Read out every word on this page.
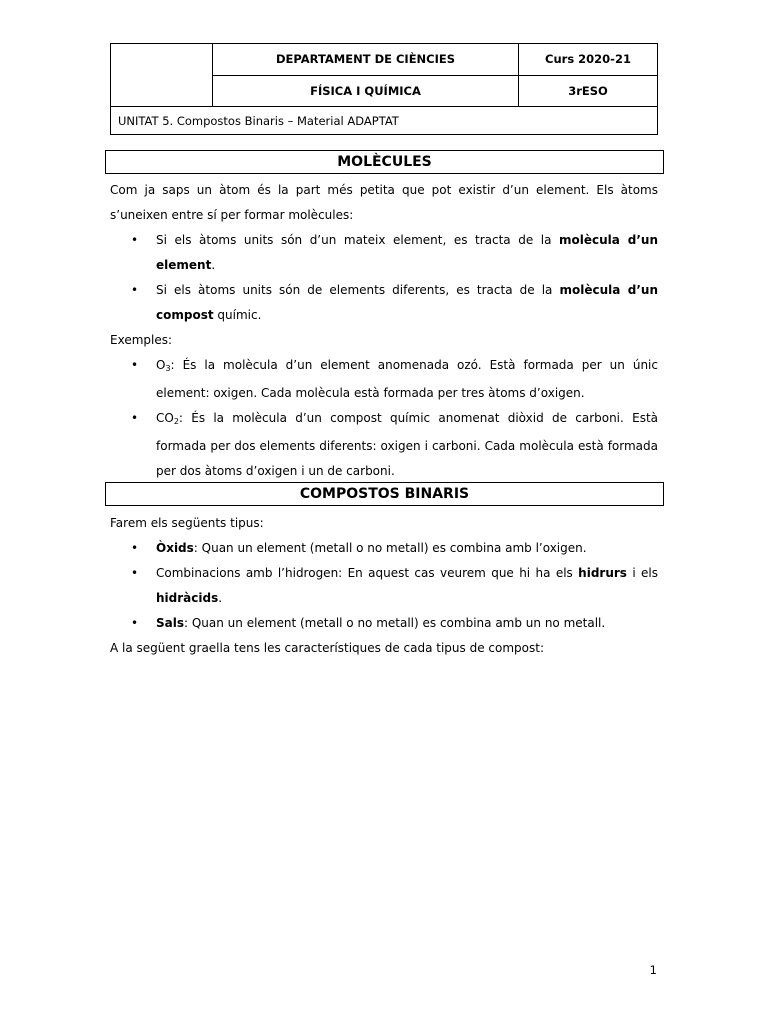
	DEPARTAMENT DE CIÈNCIES	Curs 2020-21
	FÍSICA I QUÍMICA	3rESO
UNITAT 5. Compostos Binaris – Material ADAPTAT		
MOLÈCULES

Com ja saps un àtom és la part més petita que pot existir d’un element. Els àtoms s’uneixen entre sí per formar molècules:

• Si els àtoms units són d’un mateix element, es tracta de la molècula d’un element.
• Si els àtoms units són de elements diferents, es tracta de la molècula d’un compost químic.

Exemples:

• $O_3$: És la molècula d’un element anomenada ozó. Està formada per un únic element: oxigen. Cada molècula està formada per tres àtoms d’oxigen.
• $CO_2$: És la molècula d’un compost químic anomenat diòxid de carboni. Està formada per dos elements diferents: oxigen i carboni. Cada molècula està formada per dos àtoms d’oxigen i un de carboni.
COMPOSTOS BINARIS

Farem els següents tipus:

• Òxids: Quan un element (metall o no metall) es combina amb l’oxigen.
• Combinacions amb l’hidrogen: En aquest cas veurem que hi ha els hidrurs i els hidràcids.
• Sals: Quan un element (metall o no metall) es combina amb un no metall.

A la següent graella tens les característiques de cada tipus de compost:

1
